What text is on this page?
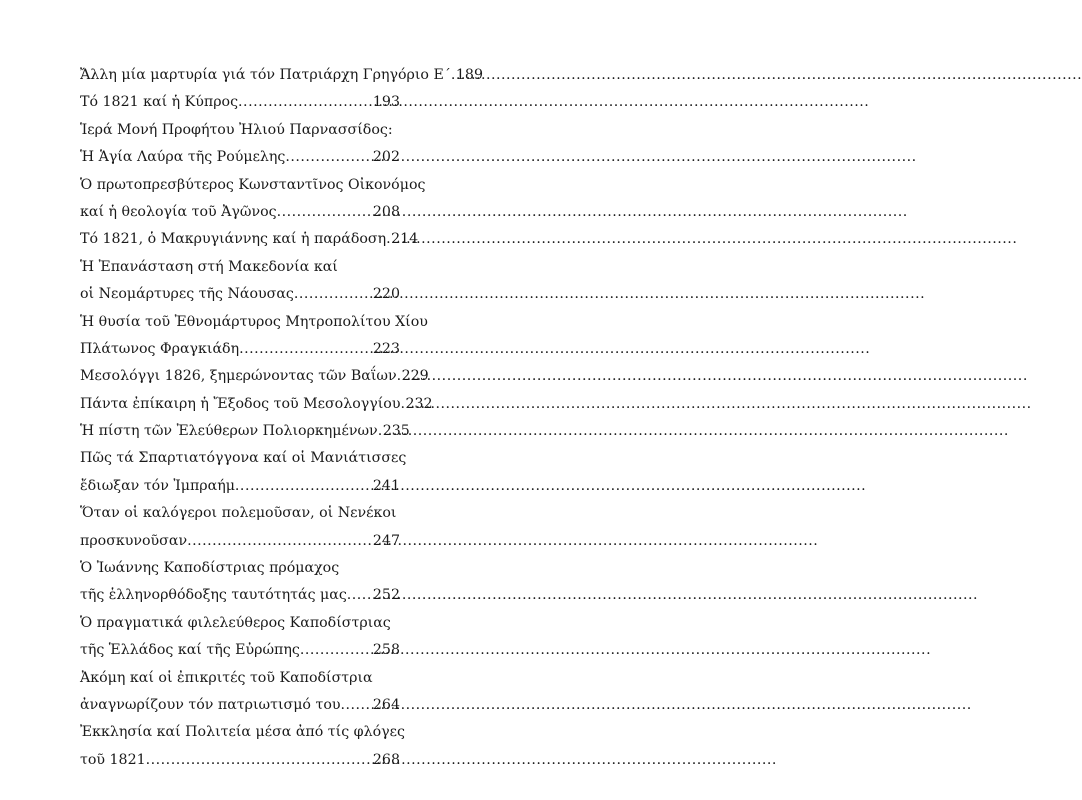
Ἄλλη μία μαρτυρία γιά τόν Πατριάρχη Γρηγόριο Ε΄ ..... 189
Τό 1821 καί ἡ Κύπρος .....	193
Ἱερά Μονή Προφήτου Ἠλιού Παρνασσίδος:
Ἡ Ἁγία Λαύρα τῆς Ρούμελης .....	202
Ὁ πρωτοπρεσβύτερος Κωνσταντῖνος Οἰκονόμος
καί ἡ θεολογία τοῦ Ἀγῶνος .....	208
Τό 1821, ὁ Μακρυγιάννης καί ἡ παράδοση ..... 214
Ἡ Ἐπανάσταση στή Μακεδονία καί
οἱ Νεομάρτυρες τῆς Νάουσας .....	220
Ἡ θυσία τοῦ Ἐθνομάρτυρος Μητροπολίτου Χίου
Πλάτωνος Φραγκιάδη .....	223
Μεσολόγγι 1826, ξημερώνοντας τῶν Βαΐων ..... 229
Πάντα ἐπίκαιρη ἡ Ἔξοδος τοῦ Μεσολογγίου ..... 232
Ἡ πίστη τῶν Ἐλεύθερων Πολιορκημένων ..... 235
Πῶς τά Σπαρτιατόγγονα καί οἱ Μανιάτισσες
ἔδιωξαν τόν Ἰμπραήμ .....	241
Ὅταν οἱ καλόγεροι πολεμοῦσαν, οἱ Νενέκοι
προσκυνοῦσαν .....	247
Ὁ Ἰωάννης Καποδίστριας πρόμαχος
τῆς ἑλληνορθόδοξης ταυτότητάς μας ..... 252
Ὁ πραγματικά φιλελεύθερος Καποδίστριας
τῆς Ἑλλάδος καί τῆς Εὐρώπης .....	258
Ἀκόμη καί οἱ ἐπικριτές τοῦ Καποδίστρια
ἀναγνωρίζουν τόν πατριωτισμό του ..... 264
Ἐκκλησία καί Πολιτεία μέσα ἀπό τίς φλόγες
τοῦ 1821 .....	268
